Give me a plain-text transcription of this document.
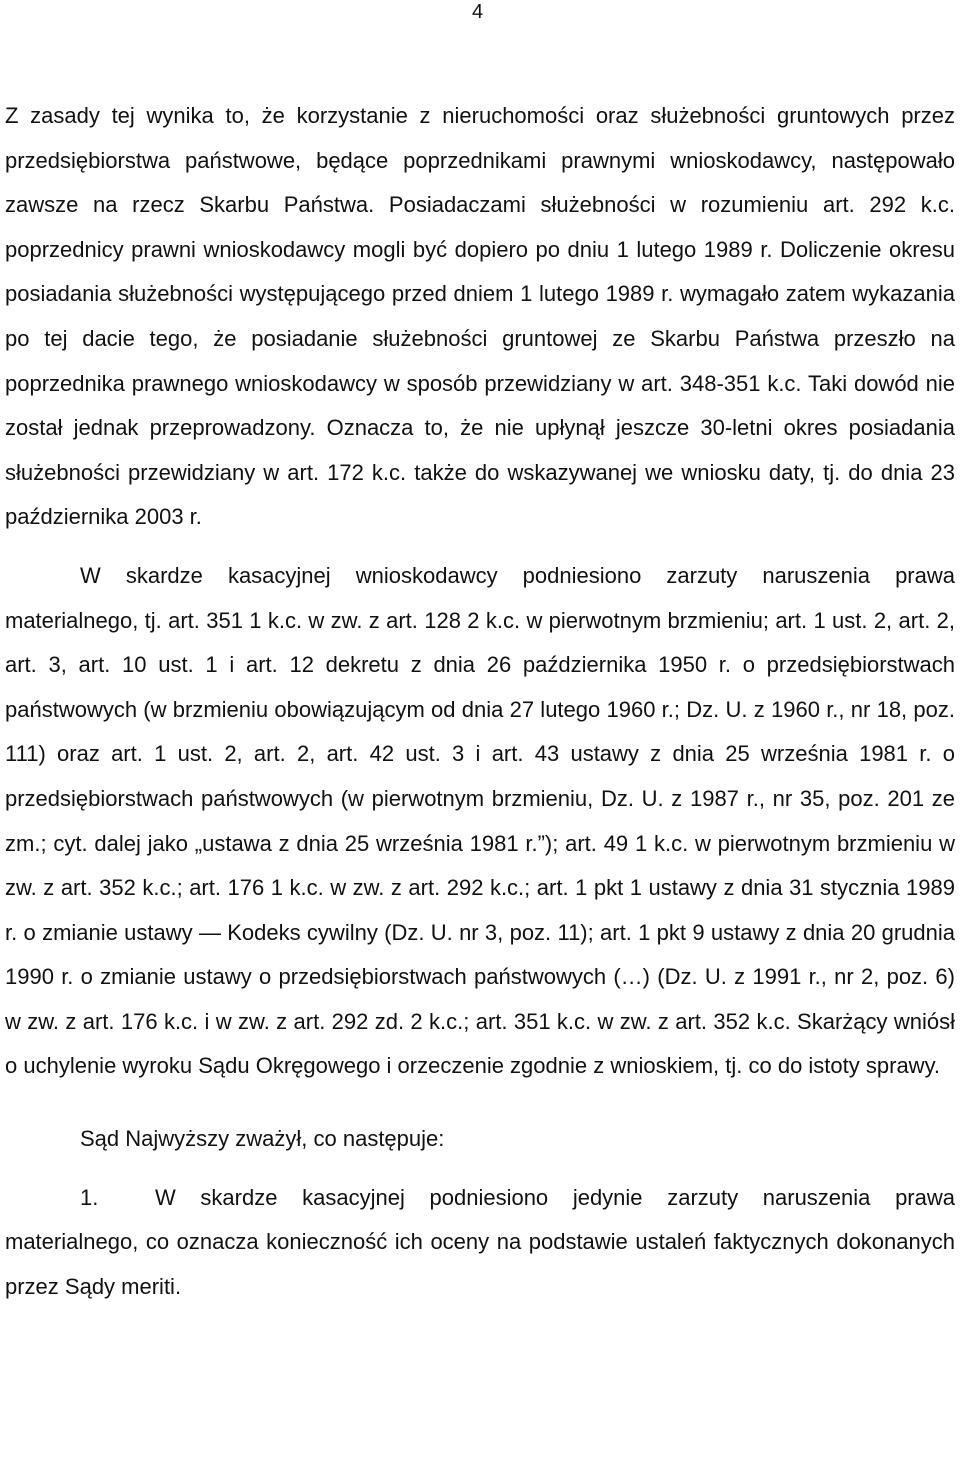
4

Z zasady tej wynika to, że korzystanie z nieruchomości oraz służebności gruntowych przez przedsiębiorstwa państwowe, będące poprzednikami prawnymi wnioskodawcy, następowało zawsze na rzecz Skarbu Państwa. Posiadaczami służebności w rozumieniu art. 292 k.c. poprzednicy prawni wnioskodawcy mogli być dopiero po dniu 1 lutego 1989 r. Doliczenie okresu posiadania służebności występującego przed dniem 1 lutego 1989 r. wymagało zatem wykazania po tej dacie tego, że posiadanie służebności gruntowej ze Skarbu Państwa przeszło na poprzednika prawnego wnioskodawcy w sposób przewidziany w art. 348-351 k.c. Taki dowód nie został jednak przeprowadzony. Oznacza to, że nie upłynął jeszcze 30-letni okres posiadania służebności przewidziany w art. 172 k.c. także do wskazywanej we wniosku daty, tj. do dnia 23 października 2003 r.

W skardze kasacyjnej wnioskodawcy podniesiono zarzuty naruszenia prawa materialnego, tj. art. 351 1 k.c. w zw. z art. 128 2 k.c. w pierwotnym brzmieniu; art. 1 ust. 2, art. 2, art. 3, art. 10 ust. 1 i art. 12 dekretu z dnia 26 października 1950 r. o przedsiębiorstwach państwowych (w brzmieniu obowiązującym od dnia 27 lutego 1960 r.; Dz. U. z 1960 r., nr 18, poz. 111) oraz art. 1 ust. 2, art. 2, art. 42 ust. 3 i art. 43 ustawy z dnia 25 września 1981 r. o przedsiębiorstwach państwowych (w pierwotnym brzmieniu, Dz. U. z 1987 r., nr 35, poz. 201 ze zm.; cyt. dalej jako „ustawa z dnia 25 września 1981 r.”); art. 49 1 k.c. w pierwotnym brzmieniu w zw. z art. 352 k.c.; art. 176 1 k.c. w zw. z art. 292 k.c.; art. 1 pkt 1 ustawy z dnia 31 stycznia 1989 r. o zmianie ustawy — Kodeks cywilny (Dz. U. nr 3, poz. 11); art. 1 pkt 9 ustawy z dnia 20 grudnia 1990 r. o zmianie ustawy o przedsiębiorstwach państwowych (…) (Dz. U. z 1991 r., nr 2, poz. 6) w zw. z art. 176 k.c. i w zw. z art. 292 zd. 2 k.c.; art. 351 k.c. w zw. z art. 352 k.c. Skarżący wniósł o uchylenie wyroku Sądu Okręgowego i orzeczenie zgodnie z wnioskiem, tj. co do istoty sprawy.

Sąd Najwyższy zważył, co następuje:

1.	W skardze kasacyjnej podniesiono jedynie zarzuty naruszenia prawa materialnego, co oznacza konieczność ich oceny na podstawie ustaleń faktycznych dokonanych przez Sądy meriti.
